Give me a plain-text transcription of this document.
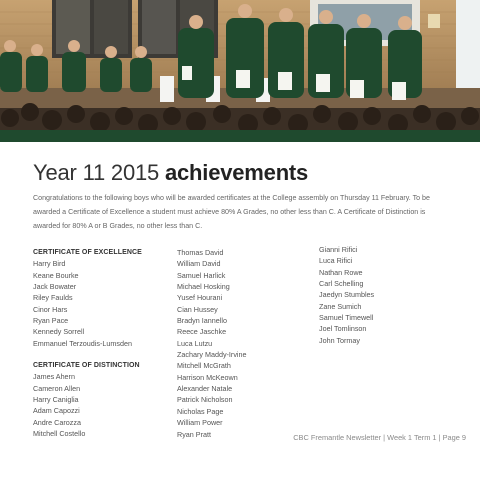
Year 11 2015 achievements

Congratulations to the following boys who will be awarded certificates at the College assembly on Thursday 11 February. To be awarded a Certificate of Excellence a student must achieve 80% A Grades, no other less than C. A Certificate of Distinction is awarded for 80% A or B Grades, no other less than C.

CERTIFICATE OF EXCELLENCE
Harry Bird
Keane Bourke
Jack Bowater
Riley Faulds
Cinor Hars
Ryan Pace
Kennedy Sorrell
Emmanuel Terzoudis-Lumsden
CERTIFICATE OF DISTINCTION
James Ahern
Cameron Allen
Harry Caniglia
Adam Capozzi
Andre Carozza
Mitchell Costello
Thomas David
William David
Samuel Harlick
Michael Hosking
Yusef Hourani
Cian Hussey
Bradyn Iannello
Reece Jaschke
Luca Lutzu
Zachary Maddy-Irvine
Mitchell McGrath
Harrison McKeown
Alexander Natale
Patrick Nicholson
Nicholas Page
William Power
Ryan Pratt
Gianni Rifici
Luca Rifici
Nathan Rowe
Carl Schelling
Jaedyn Stumbles
Zane Sumich
Samuel Timewell
Joel Tomlinson
John Tormay
CBC Fremantle Newsletter | Week 1 Term 1 | Page 9
